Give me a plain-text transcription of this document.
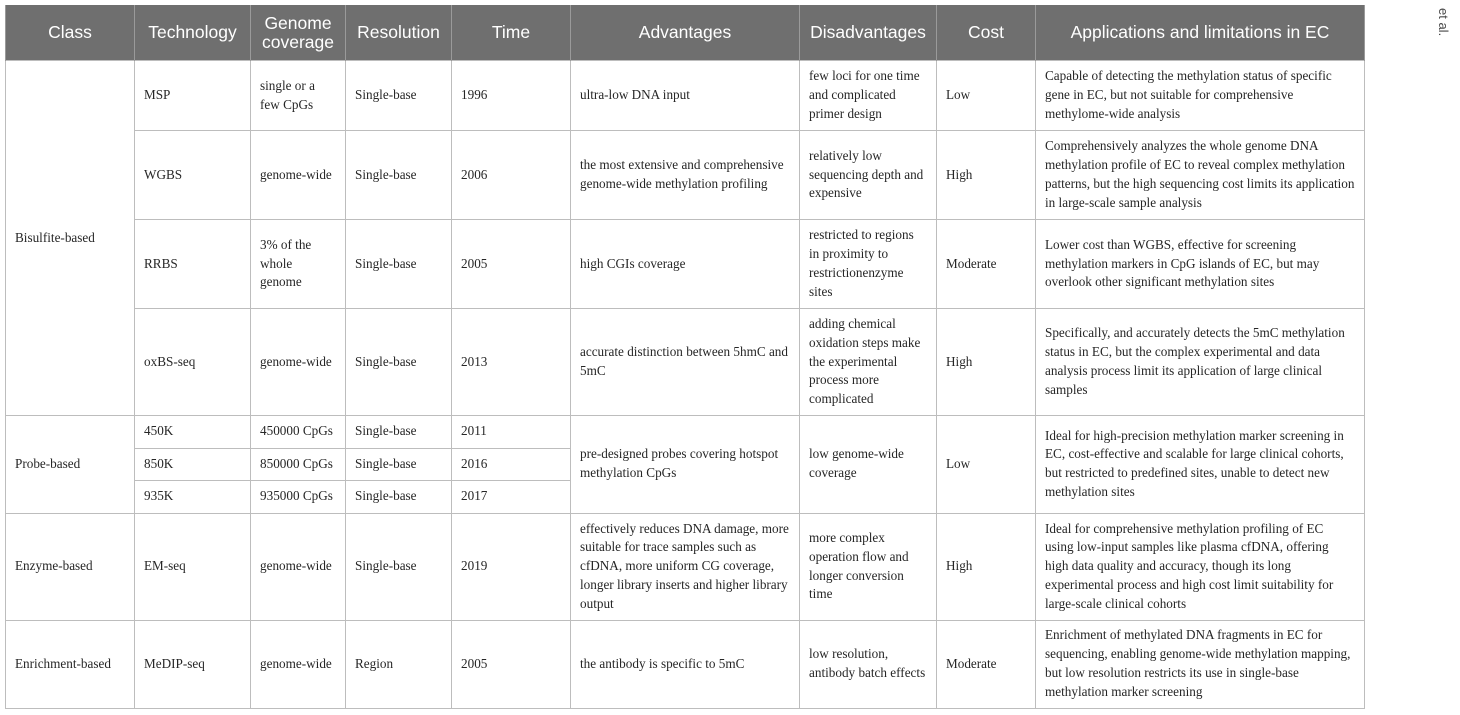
et al.
Class	Technology	Genome coverage	Resolution	Time	Advantages	Disadvantages	Cost	Applications and limitations in EC
Bisulfite-based	MSP	single or a few CpGs	Single-base	1996	ultra-low DNA input	few loci for one time and complicated primer design	Low	Capable of detecting the methylation status of specific gene in EC, but not suitable for comprehensive methylome-wide analysis
	WGBS	genome-wide	Single-base	2006	the most extensive and comprehensive genome-wide methylation profiling	relatively low sequencing depth and expensive	High	Comprehensively analyzes the whole genome DNA methylation profile of EC to reveal complex methylation patterns, but the high sequencing cost limits its application in large-scale sample analysis
	RRBS	3% of the whole genome	Single-base	2005	high CGIs coverage	restricted to regions in proximity to restrictionenzyme sites	Moderate	Lower cost than WGBS, effective for screening methylation markers in CpG islands of EC, but may overlook other significant methylation sites
	oxBS-seq	genome-wide	Single-base	2013	accurate distinction between 5hmC and 5mC	adding chemical oxidation steps make the experimental process more complicated	High	Specifically, and accurately detects the 5mC methylation status in EC, but the complex experimental and data analysis process limit its application of large clinical samples
Probe-based	450K	450000 CpGs	Single-base	2011	pre-designed probes covering hotspot methylation CpGs	low genome-wide coverage	Low	Ideal for high-precision methylation marker screening in EC, cost-effective and scalable for large clinical cohorts, but restricted to predefined sites, unable to detect new methylation sites
	850K	850000 CpGs	Single-base	2016				
	935K	935000 CpGs	Single-base	2017				
Enzyme-based	EM-seq	genome-wide	Single-base	2019	effectively reduces DNA damage, more suitable for trace samples such as cfDNA, more uniform CG coverage, longer library inserts and higher library output	more complex operation flow and longer conversion time	High	Ideal for comprehensive methylation profiling of EC using low-input samples like plasma cfDNA, offering high data quality and accuracy, though its long experimental process and high cost limit suitability for large-scale clinical cohorts
Enrichment-based	MeDIP-seq	genome-wide	Region	2005	the antibody is specific to 5mC	low resolution, antibody batch effects	Moderate	Enrichment of methylated DNA fragments in EC for sequencing, enabling genome-wide methylation mapping, but low resolution restricts its use in single-base methylation marker screening
